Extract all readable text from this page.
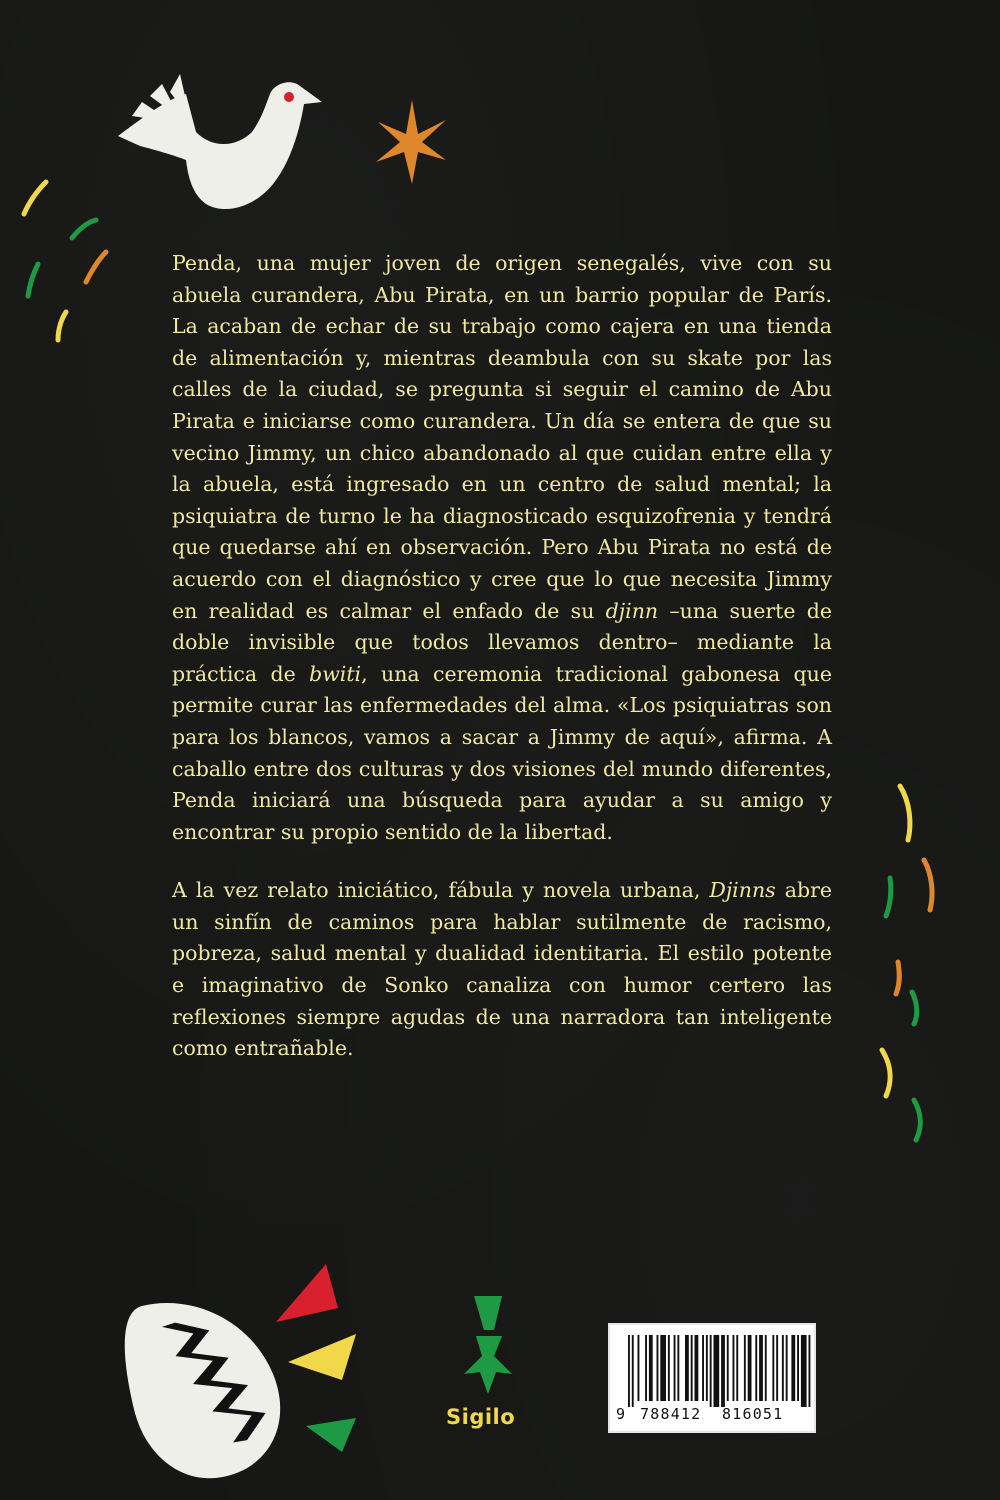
Sigilo

Penda, una mujer joven de origen senegalés, vive con su abuela curandera, Abu Pirata, en un barrio popular de París. La acaban de echar de su trabajo como cajera en una tienda de alimentación y, mientras deambula con su skate por las calles de la ciudad, se pregunta si seguir el camino de Abu Pirata e iniciarse como curandera. Un día se entera de que su vecino Jimmy, un chico abandonado al que cuidan entre ella y la abuela, está ingresado en un centro de salud mental; la psiquiatra de turno le ha diagnosticado esquizofrenia y tendrá que quedarse ahí en observación. Pero Abu Pirata no está de acuerdo con el diagnóstico y cree que lo que necesita Jimmy en realidad es calmar el enfado de su djinn –una suerte de doble invisible que todos llevamos dentro– mediante la práctica de bwiti, una ceremonia tradicional gabonesa que permite curar las enfermedades del alma. «Los psiquiatras son para los blancos, vamos a sacar a Jimmy de aquí», afirma. A caballo entre dos culturas y dos visiones del mundo diferentes, Penda iniciará una búsqueda para ayudar a su amigo y encontrar su propio sentido de la libertad.

A la vez relato iniciático, fábula y novela urbana, Djinns abre un sinfín de caminos para hablar sutilmente de racismo, pobreza, salud mental y dualidad identitaria. El estilo potente e imaginativo de Sonko canaliza con humor certero las reflexiones siempre agudas de una narradora tan inteligente como entrañable.

9 788412 816051
